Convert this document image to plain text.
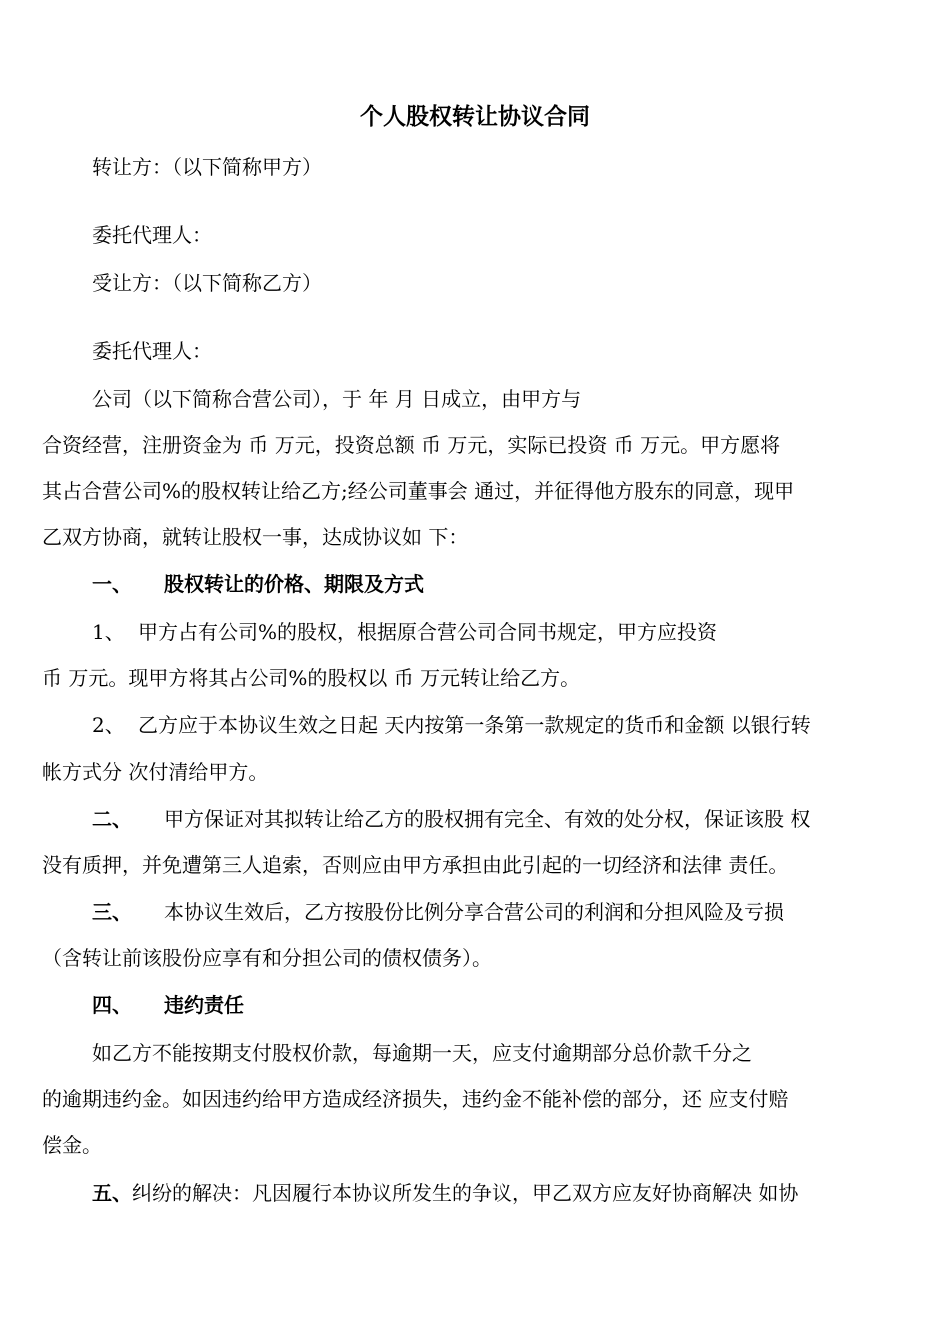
个人股权转让协议合同
转让方：（以下简称甲方）
委托代理人：
受让方：（以下简称乙方）
委托代理人：
公司（以下简称合营公司），于 年 月 日成立，由甲方与
合资经营，注册资金为 币 万元，投资总额 币 万元，实际已投资 币 万元。甲方愿将
其占合营公司%的股权转让给乙方;经公司董事会 通过，并征得他方股东的同意，现甲
乙双方协商，就转让股权一事，达成协议如 下：
一、 股权转让的价格、期限及方式
1、 甲方占有公司%的股权，根据原合营公司合同书规定，甲方应投资
币 万元。现甲方将其占公司%的股权以 币 万元转让给乙方。
2、 乙方应于本协议生效之日起 天内按第一条第一款规定的货币和金额 以银行转
帐方式分 次付清给甲方。
二、 甲方保证对其拟转让给乙方的股权拥有完全、有效的处分权，保证该股 权
没有质押，并免遭第三人追索，否则应由甲方承担由此引起的一切经济和法律 责任。
三、 本协议生效后，乙方按股份比例分享合营公司的利润和分担风险及亏损
（含转让前该股份应享有和分担公司的债权债务）。
四、 违约责任
如乙方不能按期支付股权价款，每逾期一天，应支付逾期部分总价款千分之
的逾期违约金。如因违约给甲方造成经济损失，违约金不能补偿的部分，还 应支付赔
偿金。
五、纠纷的解决：凡因履行本协议所发生的争议，甲乙双方应友好协商解决 如协
